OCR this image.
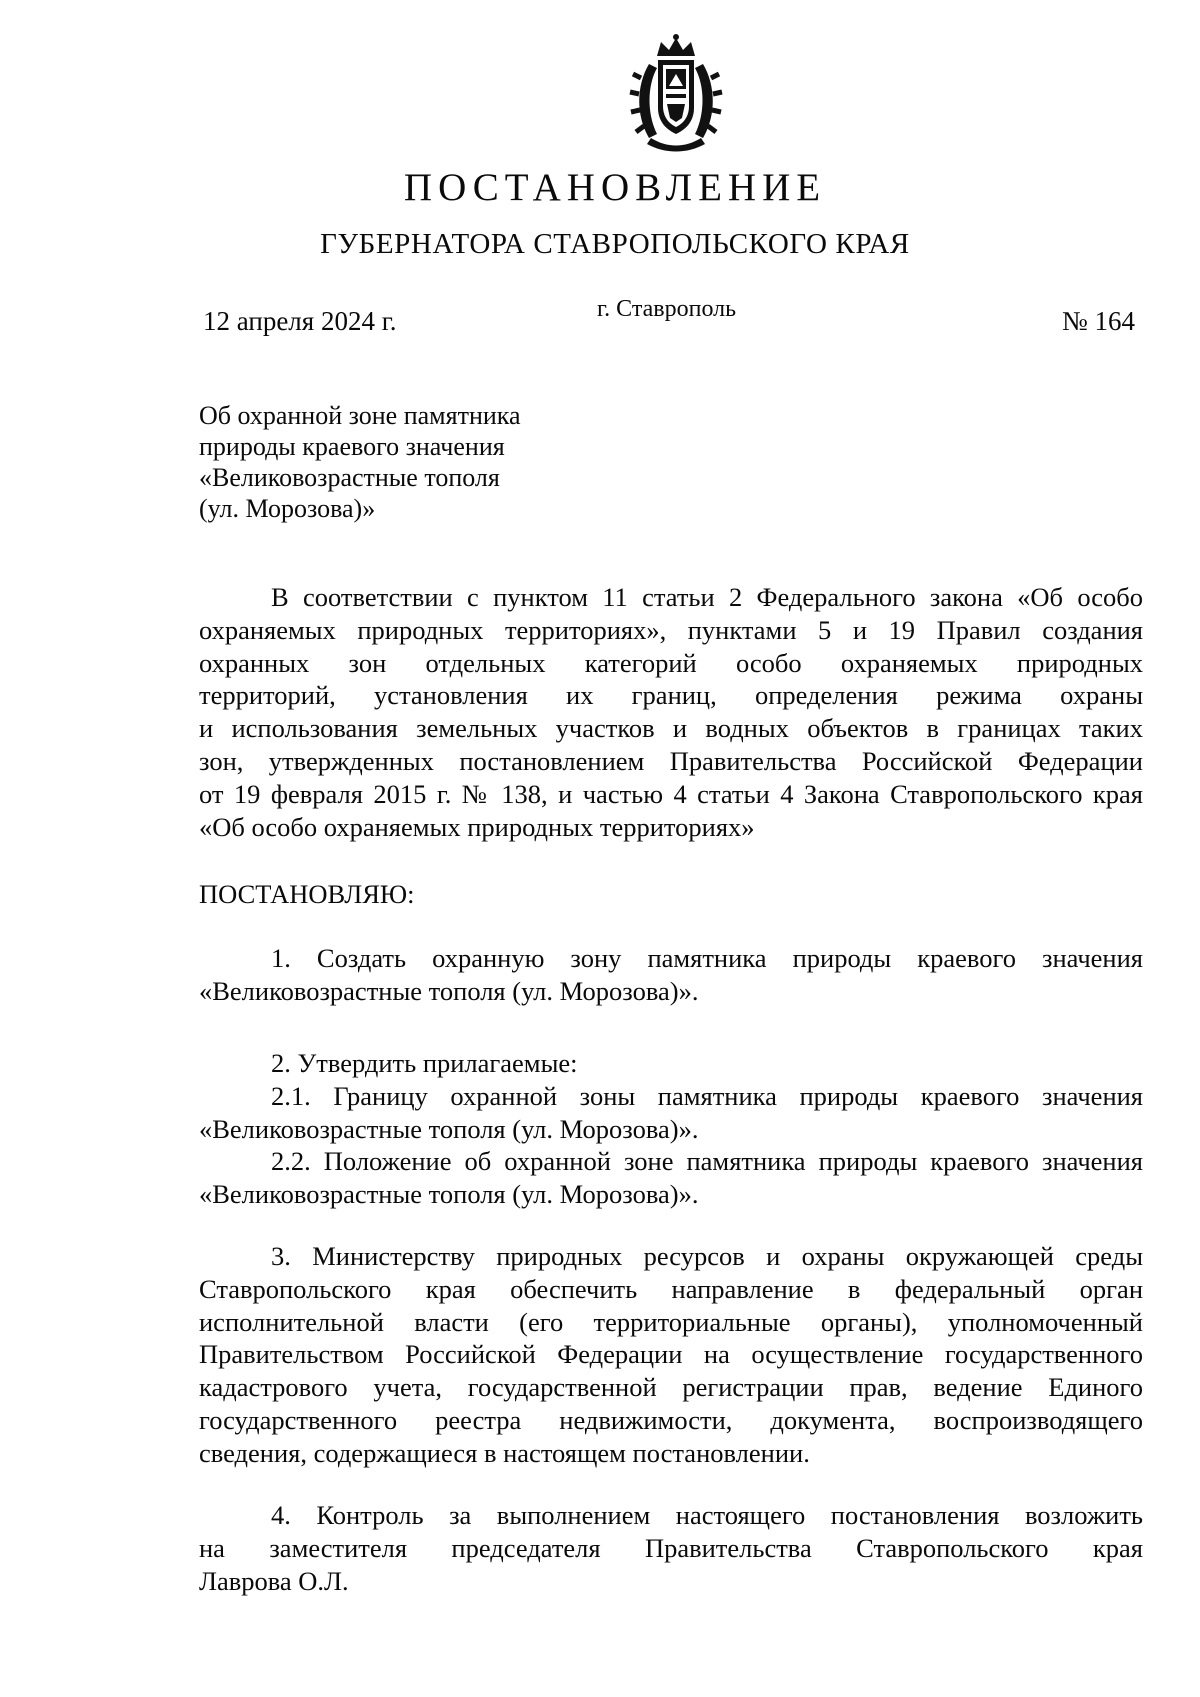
ПОСТАНОВЛЕНИЕ
ГУБЕРНАТОРА СТАВРОПОЛЬСКОГО КРАЯ
12 апреля 2024 г.	г. Ставрополь	№ 164
Об охранной зоне памятника
природы краевого значения
«Великовозрастные тополя
(ул. Морозова)»
В соответствии с пунктом 11 статьи 2 Федерального закона «Об особо
охраняемых природных территориях», пунктами 5 и 19 Правил создания
охранных зон отдельных категорий особо охраняемых природных
территорий, установления их границ, определения режима охраны
и использования земельных участков и водных объектов в границах таких
зон, утвержденных постановлением Правительства Российской Федерации
от 19 февраля 2015 г. № 138, и частью 4 статьи 4 Закона Ставропольского края
«Об особо охраняемых природных территориях»
ПОСТАНОВЛЯЮ:
1. Создать охранную зону памятника природы краевого значения
«Великовозрастные тополя (ул. Морозова)».
2. Утвердить прилагаемые:
2.1. Границу охранной зоны памятника природы краевого значения
«Великовозрастные тополя (ул. Морозова)».
2.2. Положение об охранной зоне памятника природы краевого значения
«Великовозрастные тополя (ул. Морозова)».
3. Министерству природных ресурсов и охраны окружающей среды
Ставропольского края обеспечить направление в федеральный орган
исполнительной власти (его территориальные органы), уполномоченный
Правительством Российской Федерации на осуществление государственного
кадастрового учета, государственной регистрации прав, ведение Единого
государственного реестра недвижимости, документа, воспроизводящего
сведения, содержащиеся в настоящем постановлении.
4. Контроль за выполнением настоящего постановления возложить
на заместителя председателя Правительства Ставропольского края
Лаврова О.Л.
